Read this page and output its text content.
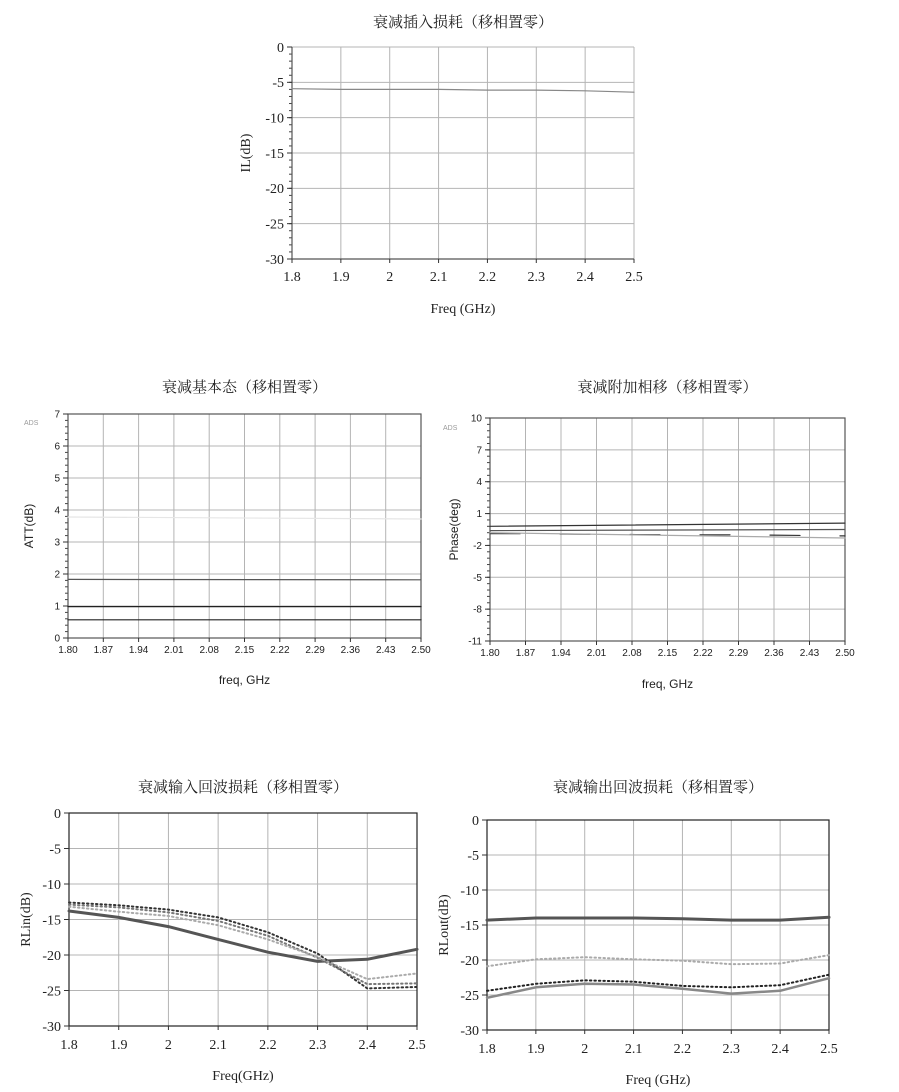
衰减插入损耗（移相置零）
0
-5
-10
-15
-20
-25
-30
1.8 1.9	2	2.1 2.2 2.3 2.4 2.5
Freq (GHz)
IL(dB)
衰减基本态（移相置零）
ADS
7
6
5
4
3
2
1
0
1.80 1.87 1.94 2.01 2.08 2.15 2.22 2.29 2.36 2.43 2.50
freq, GHz
ATT(dB)
衰减附加相移（移相置零）
ADS
10
7
4
1
-2
-5
-8
-11
1.80 1.87 1.94 2.01 2.08 2.15 2.22 2.29 2.36 2.43 2.50
freq, GHz
Phase(deg)
衰减输入回波损耗（移相置零）
0
-5
-10
-15
-20
-25
-30
1.8 1.9	2	2.1 2.2 2.3 2.4 2.5
Freq(GHz)
RLin(dB)
衰减输出回波损耗（移相置零）
0
-5
-10
-15
-20
-25
-30
1.8 1.9	2	2.1 2.2 2.3 2.4 2.5
Freq (GHz)
RLout(dB)
